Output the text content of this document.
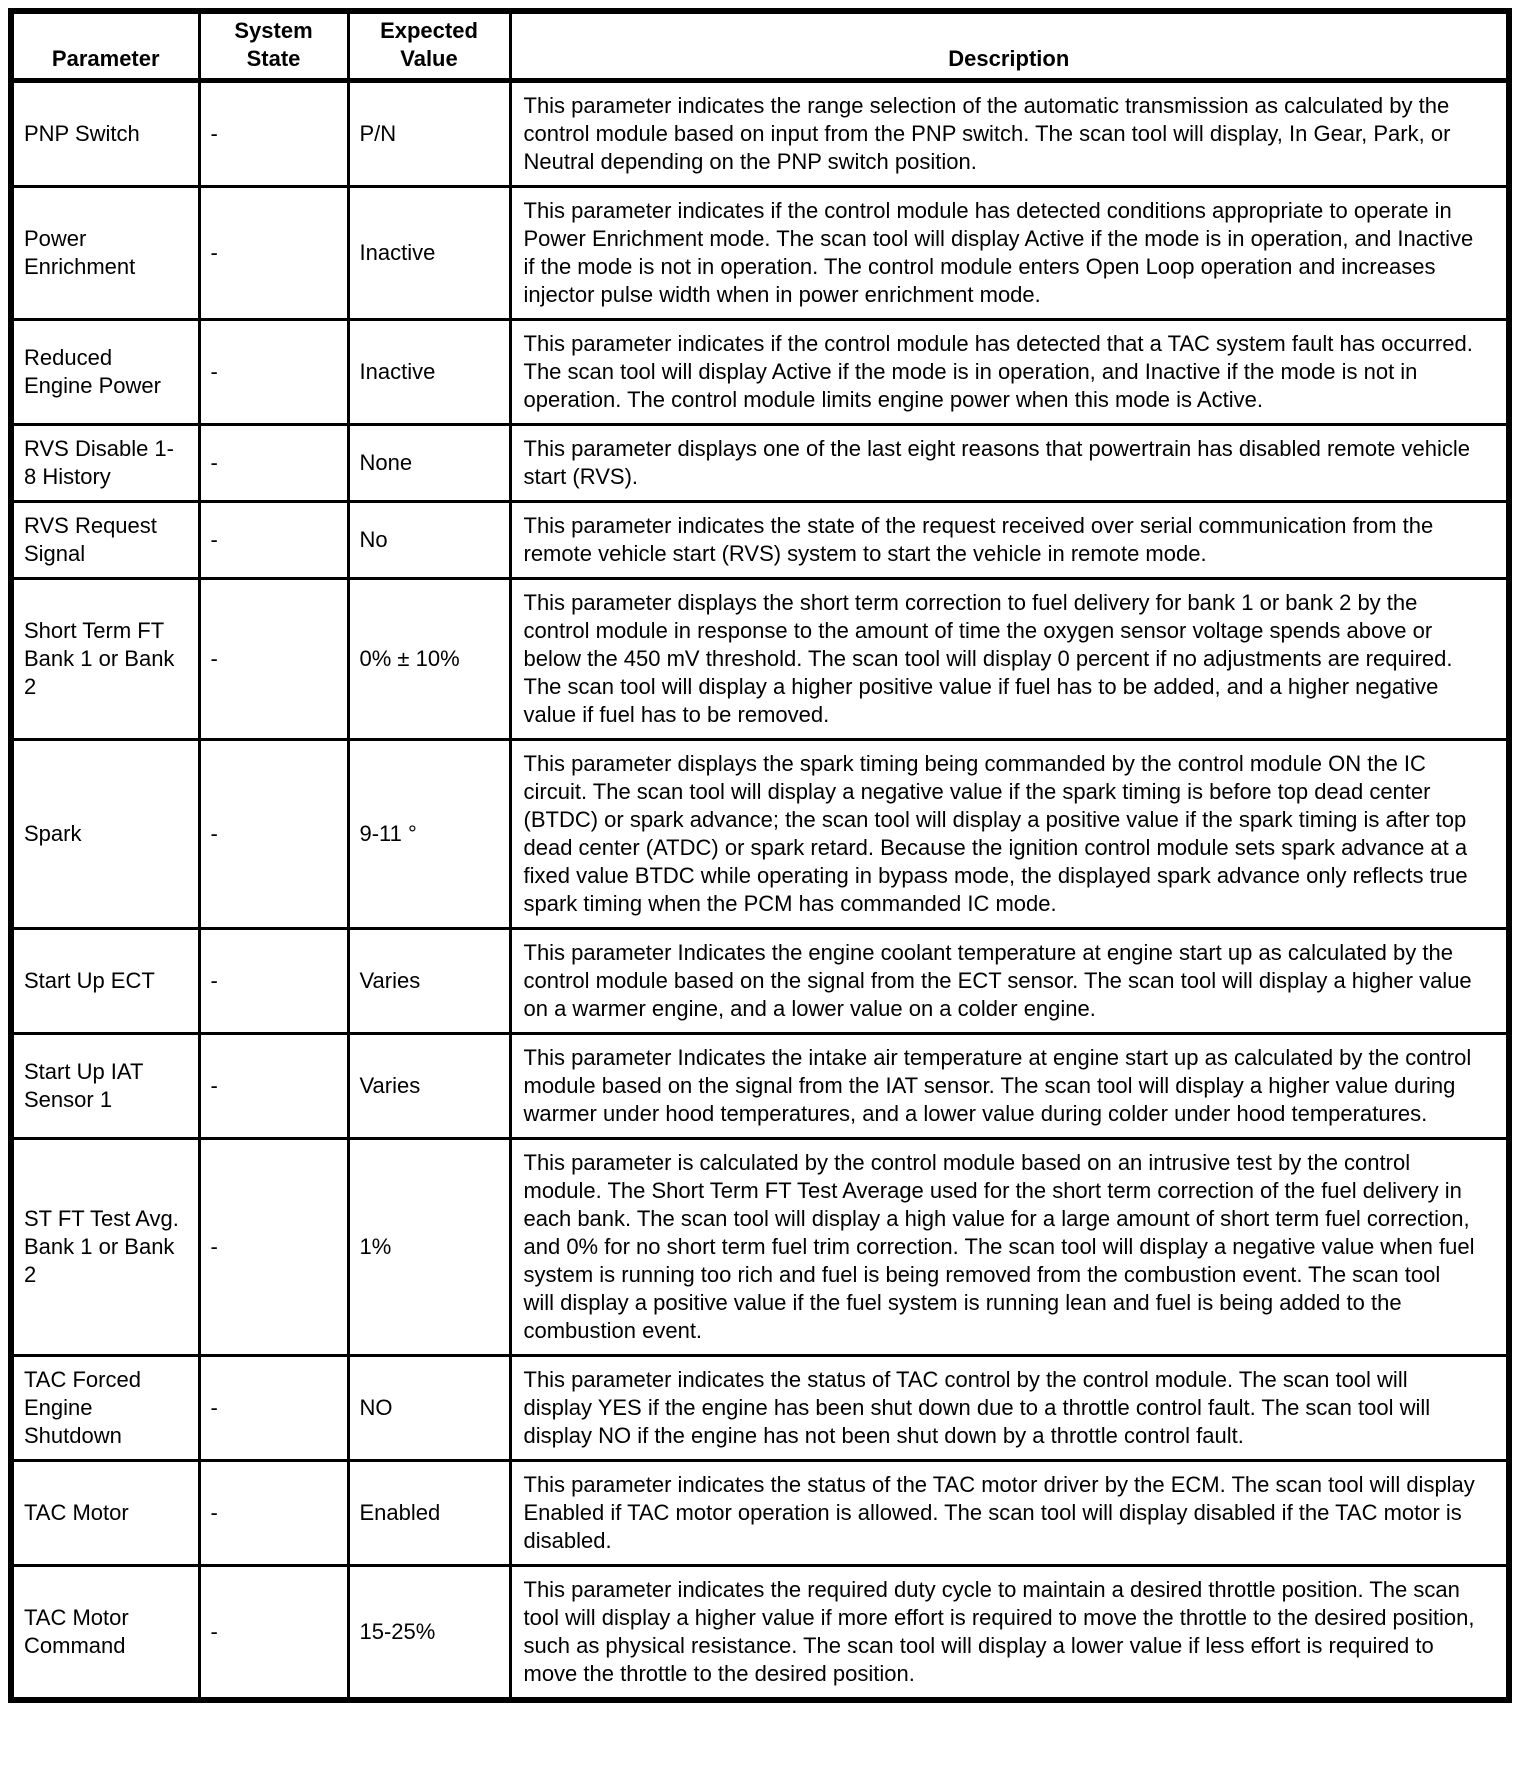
Parameter	System State	Expected Value	Description
PNP Switch	-	P/N	This parameter indicates the range selection of the automatic transmission as calculated by the control module based on input from the PNP switch. The scan tool will display, In Gear, Park, or Neutral depending on the PNP switch position.
Power Enrichment	-	Inactive	This parameter indicates if the control module has detected conditions appropriate to operate in Power Enrichment mode. The scan tool will display Active if the mode is in operation, and Inactive if the mode is not in operation. The control module enters Open Loop operation and increases injector pulse width when in power enrichment mode.
Reduced Engine Power	-	Inactive	This parameter indicates if the control module has detected that a TAC system fault has occurred. The scan tool will display Active if the mode is in operation, and Inactive if the mode is not in operation. The control module limits engine power when this mode is Active.
RVS Disable 1-8 History	-	None	This parameter displays one of the last eight reasons that powertrain has disabled remote vehicle start (RVS).
RVS Request Signal	-	No	This parameter indicates the state of the request received over serial communication from the remote vehicle start (RVS) system to start the vehicle in remote mode.
Short Term FT Bank 1 or Bank 2	-	0% ± 10%	This parameter displays the short term correction to fuel delivery for bank 1 or bank 2 by the control module in response to the amount of time the oxygen sensor voltage spends above or below the 450 mV threshold. The scan tool will display 0 percent if no adjustments are required. The scan tool will display a higher positive value if fuel has to be added, and a higher negative value if fuel has to be removed.
Spark	-	9-11 °	This parameter displays the spark timing being commanded by the control module ON the IC circuit. The scan tool will display a negative value if the spark timing is before top dead center (BTDC) or spark advance; the scan tool will display a positive value if the spark timing is after top dead center (ATDC) or spark retard. Because the ignition control module sets spark advance at a fixed value BTDC while operating in bypass mode, the displayed spark advance only reflects true spark timing when the PCM has commanded IC mode.
Start Up ECT	-	Varies	This parameter Indicates the engine coolant temperature at engine start up as calculated by the control module based on the signal from the ECT sensor. The scan tool will display a higher value on a warmer engine, and a lower value on a colder engine.
Start Up IAT Sensor 1	-	Varies	This parameter Indicates the intake air temperature at engine start up as calculated by the control module based on the signal from the IAT sensor. The scan tool will display a higher value during warmer under hood temperatures, and a lower value during colder under hood temperatures.
ST FT Test Avg. Bank 1 or Bank 2	-	1%	This parameter is calculated by the control module based on an intrusive test by the control module. The Short Term FT Test Average used for the short term correction of the fuel delivery in each bank. The scan tool will display a high value for a large amount of short term fuel correction, and 0% for no short term fuel trim correction. The scan tool will display a negative value when fuel system is running too rich and fuel is being removed from the combustion event. The scan tool will display a positive value if the fuel system is running lean and fuel is being added to the combustion event.
TAC Forced Engine Shutdown	-	NO	This parameter indicates the status of TAC control by the control module. The scan tool will display YES if the engine has been shut down due to a throttle control fault. The scan tool will display NO if the engine has not been shut down by a throttle control fault.
TAC Motor	-	Enabled	This parameter indicates the status of the TAC motor driver by the ECM. The scan tool will display Enabled if TAC motor operation is allowed. The scan tool will display disabled if the TAC motor is disabled.
TAC Motor Command	-	15-25%	This parameter indicates the required duty cycle to maintain a desired throttle position. The scan tool will display a higher value if more effort is required to move the throttle to the desired position, such as physical resistance. The scan tool will display a lower value if less effort is required to move the throttle to the desired position.
